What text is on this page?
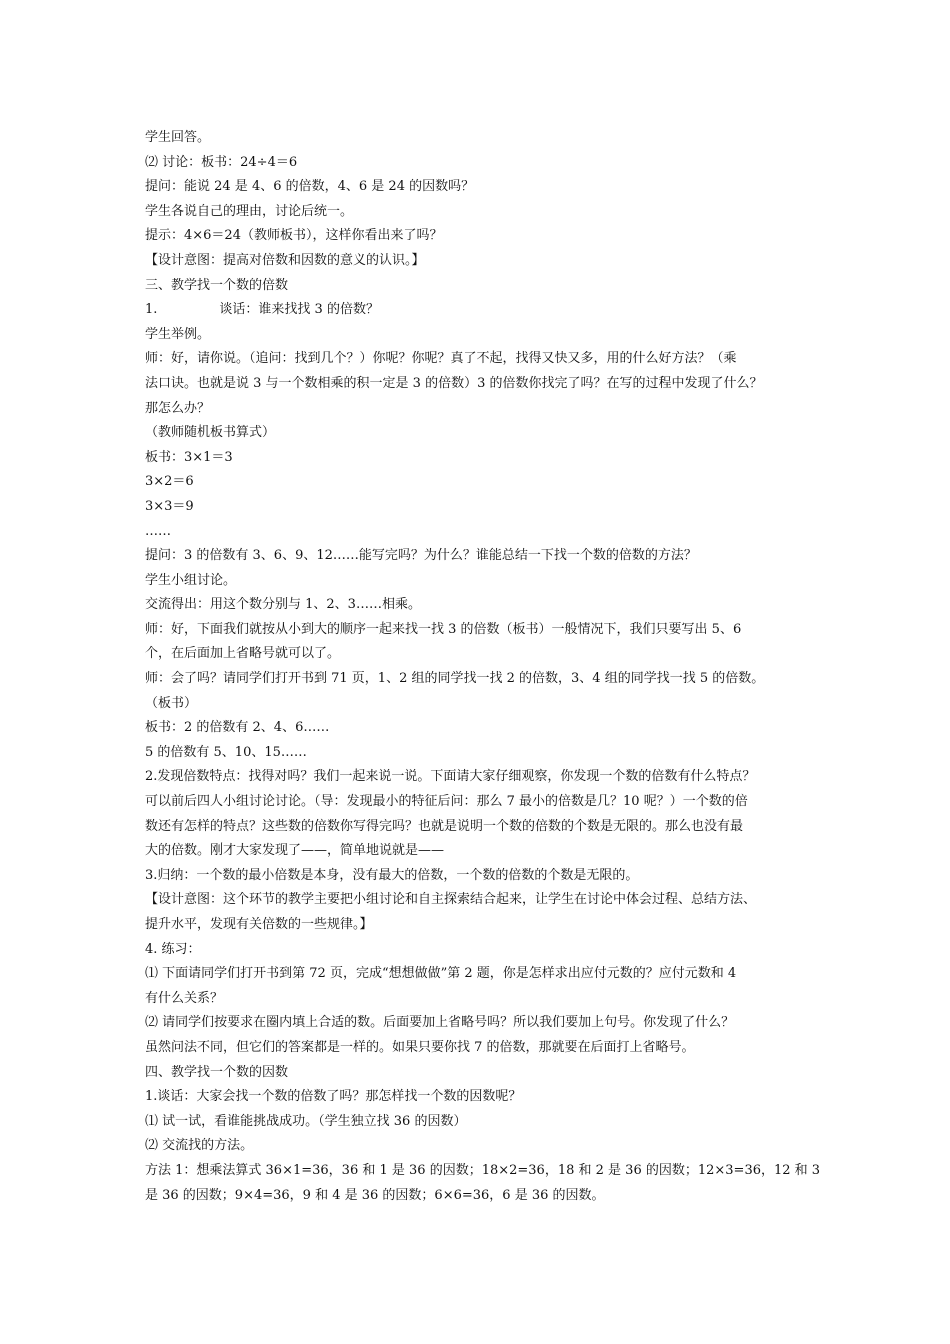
学生回答。
⑵ 讨论：板书：24÷4＝6
提问：能说 24 是 4、6 的倍数，4、6 是 24 的因数吗？
学生各说自己的理由，讨论后统一。
提示：4×6＝24（教师板书），这样你看出来了吗？
【设计意图：提高对倍数和因数的意义的认识。】
三、教学找一个数的倍数
1.	谈话：谁来找找 3 的倍数？
学生举例。
师：好，请你说。（追问：找到几个？）你呢？你呢？真了不起，找得又快又多，用的什么好方法？（乘
法口诀。也就是说 3 与一个数相乘的积一定是 3 的倍数）3 的倍数你找完了吗？在写的过程中发现了什么？
那怎么办？
（教师随机板书算式）
板书：3×1＝3
3×2＝6
3×3＝9
……
提问：3 的倍数有 3、6、9、12……能写完吗？为什么？谁能总结一下找一个数的倍数的方法？
学生小组讨论。
交流得出：用这个数分别与 1、2、3……相乘。
师：好，下面我们就按从小到大的顺序一起来找一找 3 的倍数（板书）一般情况下，我们只要写出 5、6
个，在后面加上省略号就可以了。
师：会了吗？请同学们打开书到 71 页，1、2 组的同学找一找 2 的倍数，3、4 组的同学找一找 5 的倍数。
（板书）
板书：2 的倍数有 2、4、6……
5 的倍数有 5、10、15……
2.发现倍数特点：找得对吗？我们一起来说一说。下面请大家仔细观察，你发现一个数的倍数有什么特点？
可以前后四人小组讨论讨论。（导：发现最小的特征后问：那么 7 最小的倍数是几？10 呢？）一个数的倍
数还有怎样的特点？这些数的倍数你写得完吗？也就是说明一个数的倍数的个数是无限的。那么也没有最
大的倍数。刚才大家发现了——，简单地说就是——
3.归纳：一个数的最小倍数是本身，没有最大的倍数，一个数的倍数的个数是无限的。
【设计意图：这个环节的教学主要把小组讨论和自主探索结合起来，让学生在讨论中体会过程、总结方法、
提升水平，发现有关倍数的一些规律。】
4. 练习：
⑴ 下面请同学们打开书到第 72 页，完成“想想做做”第 2 题，你是怎样求出应付元数的？应付元数和 4
有什么关系？
⑵ 请同学们按要求在圈内填上合适的数。后面要加上省略号吗？所以我们要加上句号。你发现了什么？
虽然问法不同，但它们的答案都是一样的。如果只要你找 7 的倍数，那就要在后面打上省略号。
四、教学找一个数的因数
1.谈话：大家会找一个数的倍数了吗？那怎样找一个数的因数呢？
⑴ 试一试，看谁能挑战成功。（学生独立找 36 的因数）
⑵ 交流找的方法。
方法 1：想乘法算式 36×1=36，36 和 1 是 36 的因数；18×2=36，18 和 2 是 36 的因数；12×3=36，12 和 3
是 36 的因数；9×4=36，9 和 4 是 36 的因数；6×6=36，6 是 36 的因数。
